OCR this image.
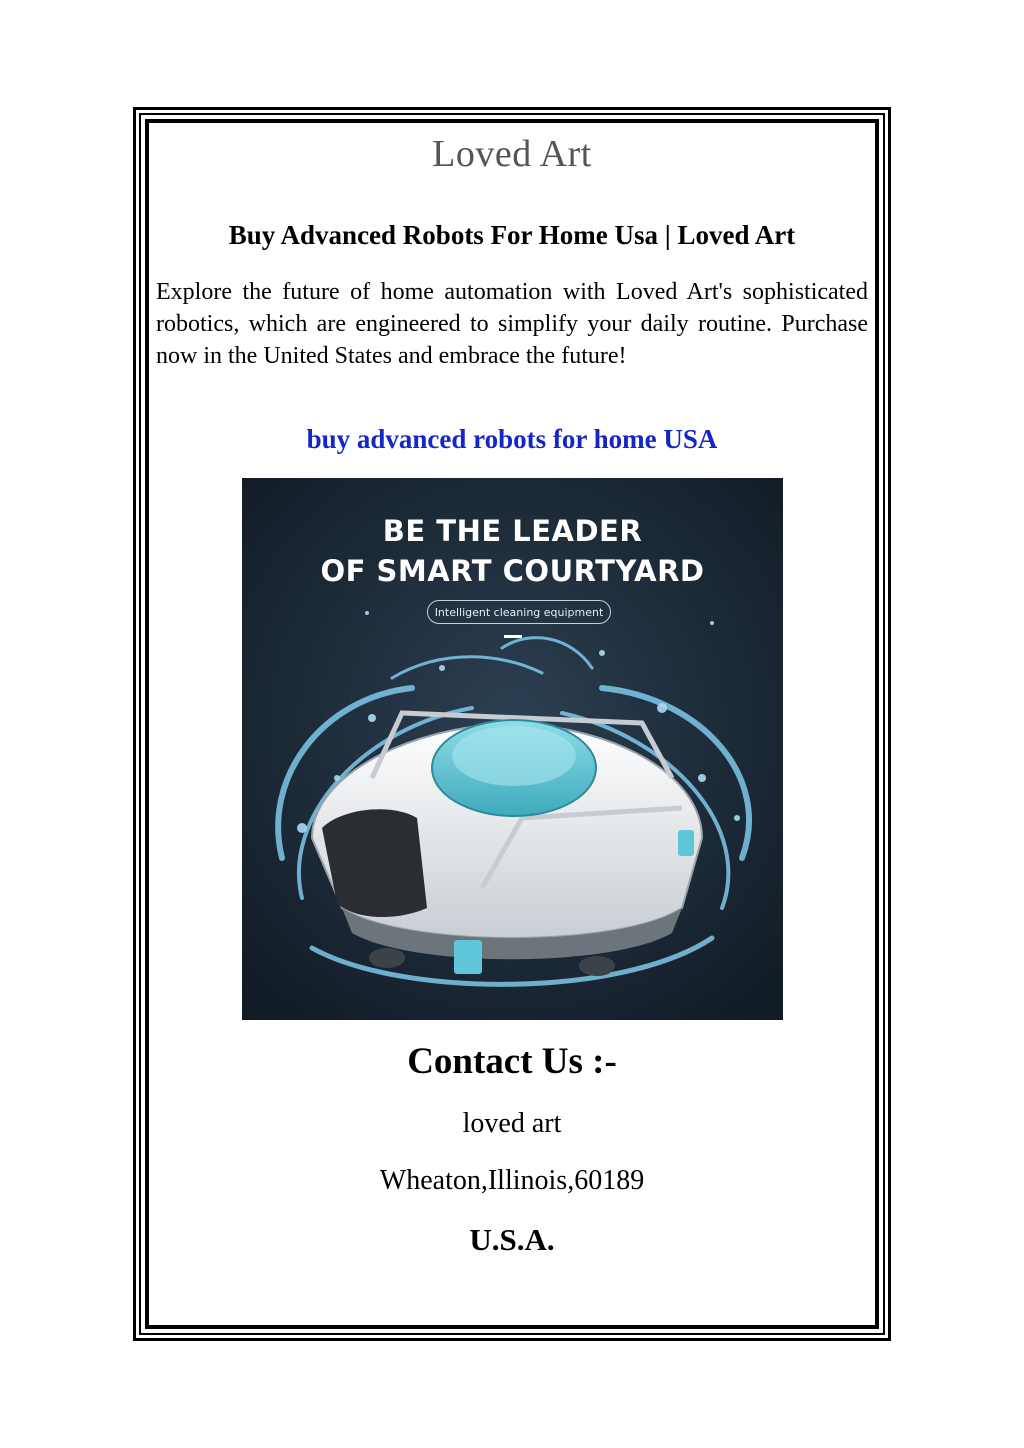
Loved Art
Buy Advanced Robots For Home Usa | Loved Art
Explore the future of home automation with Loved Art's sophisticated robotics, which are engineered to simplify your daily routine. Purchase now in the United States and embrace the future!
buy advanced robots for home USA
BE THE LEADER
OF SMART COURTYARD
Intelligent cleaning equipment
Contact Us :-
loved art
Wheaton,Illinois,60189
U.S.A.
